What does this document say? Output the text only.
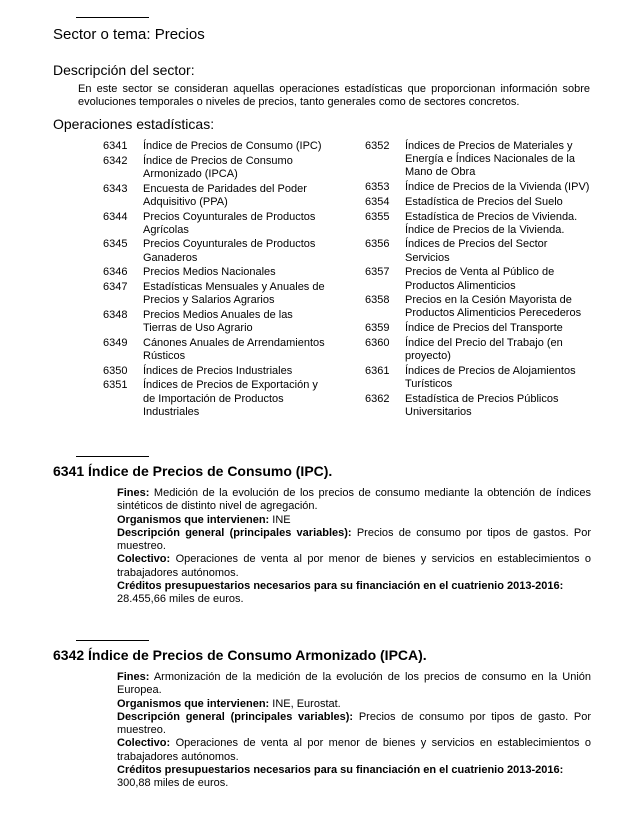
Sector o tema: Precios
Descripción del sector:
En este sector se consideran aquellas operaciones estadísticas que proporcionan información sobre evoluciones temporales o niveles de precios, tanto generales como de sectores concretos.
Operaciones estadísticas:
6341	Índice de Precios de Consumo (IPC)
6342	Índice de Precios de Consumo Armonizado (IPCA)
6343	Encuesta de Paridades del Poder Adquisitivo (PPA)
6344	Precios Coyunturales de Productos Agrícolas
6345	Precios Coyunturales de Productos Ganaderos
6346	Precios Medios Nacionales
6347	Estadísticas Mensuales y Anuales de Precios y Salarios Agrarios
6348	Precios Medios Anuales de las Tierras de Uso Agrario
6349	Cánones Anuales de Arrendamientos Rústicos
6350	Índices de Precios Industriales
6351	Índices de Precios de Exportación y de Importación de Productos Industriales
6352	Índices de Precios de Materiales y Energía e Índices Nacionales de la Mano de Obra
6353	Índice de Precios de la Vivienda (IPV)
6354	Estadística de Precios del Suelo
6355	Estadística de Precios de Vivienda. Índice de Precios de la Vivienda.
6356	Índices de Precios del Sector Servicios
6357	Precios de Venta al Público de Productos Alimenticios
6358	Precios en la Cesión Mayorista de Productos Alimenticios Perecederos
6359	Índice de Precios del Transporte
6360	Índice del Precio del Trabajo (en proyecto)
6361	Índices de Precios de Alojamientos Turísticos
6362	Estadística de Precios Públicos Universitarios
6341 Índice de Precios de Consumo (IPC).

Fines: Medición de la evolución de los precios de consumo mediante la obtención de índices sintéticos de distinto nivel de agregación.

Organismos que intervienen: INE

Descripción general (principales variables): Precios de consumo por tipos de gastos. Por muestreo.

Colectivo: Operaciones de venta al por menor de bienes y servicios en establecimientos o trabajadores autónomos.

Créditos presupuestarios necesarios para su financiación en el cuatrienio 2013-2016:
28.455,66 miles de euros.

6342 Índice de Precios de Consumo Armonizado (IPCA).

Fines: Armonización de la medición de la evolución de los precios de consumo en la Unión Europea.

Organismos que intervienen: INE, Eurostat.

Descripción general (principales variables): Precios de consumo por tipos de gasto. Por muestreo.

Colectivo: Operaciones de venta al por menor de bienes y servicios en establecimientos o trabajadores autónomos.

Créditos presupuestarios necesarios para su financiación en el cuatrienio 2013-2016:
300,88 miles de euros.
